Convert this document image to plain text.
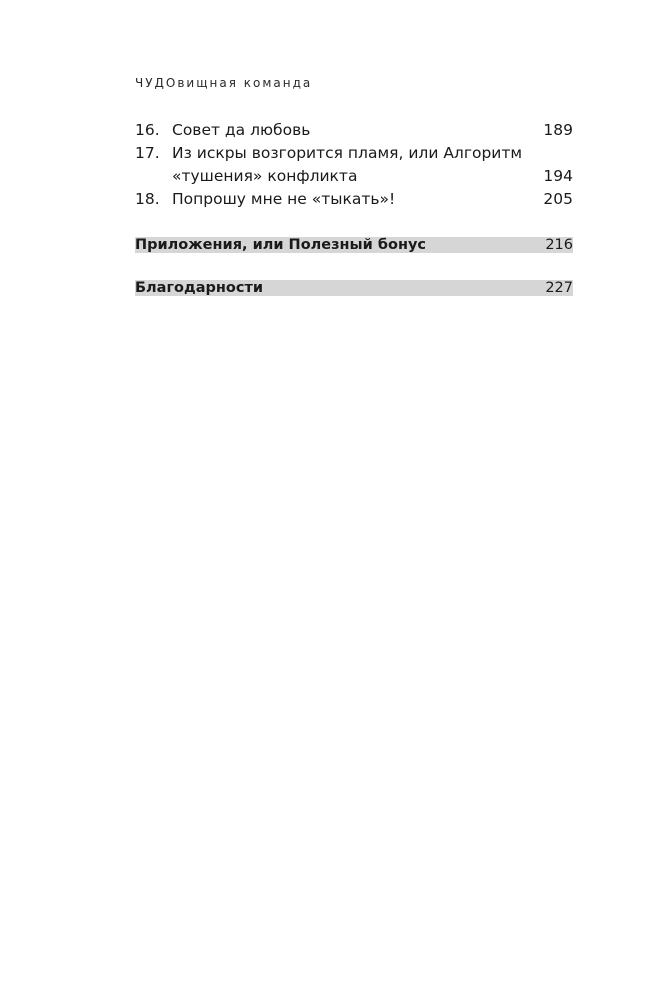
ЧУДОвищная команда
16. Совет да любовь	189
17. Из искры возгорится пламя, или Алгоритм
«тушения» конфликта	194
18. Попрошу мне не «тыкать»!	205
Приложения, или Полезный бонус	216
Благодарности	227
